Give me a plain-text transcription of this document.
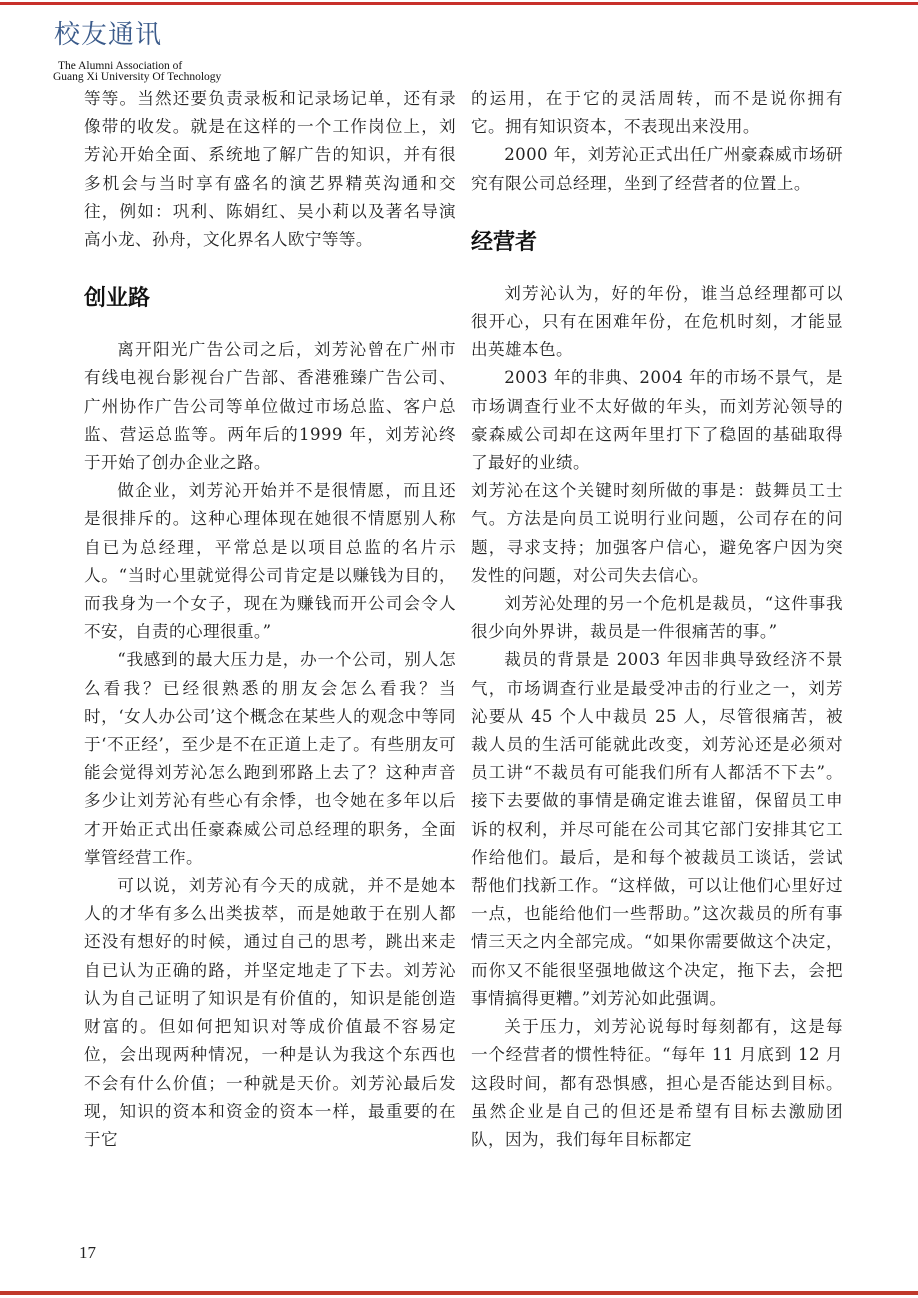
校友通讯
The Alumni Association of
Guang Xi University Of Technology

等等。当然还要负责录板和记录场记单，还有录像带的收发。就是在这样的一个工作岗位上，刘芳沁开始全面、系统地了解广告的知识，并有很多机会与当时享有盛名的演艺界精英沟通和交往，例如：巩利、陈娟红、吴小莉以及著名导演高小龙、孙舟，文化界名人欧宁等等。

创业路

离开阳光广告公司之后，刘芳沁曾在广州市有线电视台影视台广告部、香港雅臻广告公司、广州协作广告公司等单位做过市场总监、客户总监、营运总监等。两年后的1999 年，刘芳沁终于开始了创办企业之路。

做企业，刘芳沁开始并不是很情愿，而且还是很排斥的。这种心理体现在她很不情愿别人称自已为总经理，平常总是以项目总监的名片示人。“当时心里就觉得公司肯定是以赚钱为目的，而我身为一个女子，现在为赚钱而开公司会令人不安，自责的心理很重。”

“我感到的最大压力是，办一个公司，别人怎么看我？已经很熟悉的朋友会怎么看我？当时，‘女人办公司’这个概念在某些人的观念中等同于‘不正经’，至少是不在正道上走了。有些朋友可能会觉得刘芳沁怎么跑到邪路上去了？这种声音多少让刘芳沁有些心有余悸，也令她在多年以后才开始正式出任豪森威公司总经理的职务，全面掌管经营工作。

可以说，刘芳沁有今天的成就，并不是她本人的才华有多么出类拔萃，而是她敢于在别人都还没有想好的时候，通过自己的思考，跳出来走自已认为正确的路，并坚定地走了下去。刘芳沁认为自己证明了知识是有价值的，知识是能创造财富的。但如何把知识对等成价值最不容易定位，会出现两种情况，一种是认为我这个东西也不会有什么价值；一种就是天价。刘芳沁最后发现，知识的资本和资金的资本一样，最重要的在于它

的运用，在于它的灵活周转，而不是说你拥有它。拥有知识资本，不表现出来没用。

2000 年，刘芳沁正式出任广州豪森威市场研究有限公司总经理，坐到了经营者的位置上。

经营者

刘芳沁认为，好的年份，谁当总经理都可以很开心，只有在困难年份，在危机时刻，才能显出英雄本色。

2003 年的非典、2004 年的市场不景气，是市场调查行业不太好做的年头，而刘芳沁领导的豪森威公司却在这两年里打下了稳固的基础取得了最好的业绩。

刘芳沁在这个关键时刻所做的事是：鼓舞员工士气。方法是向员工说明行业问题，公司存在的问题，寻求支持；加强客户信心，避免客户因为突发性的问题，对公司失去信心。

刘芳沁处理的另一个危机是裁员，“这件事我很少向外界讲，裁员是一件很痛苦的事。”

裁员的背景是 2003 年因非典导致经济不景气，市场调查行业是最受冲击的行业之一，刘芳沁要从 45 个人中裁员 25 人，尽管很痛苦，被裁人员的生活可能就此改变，刘芳沁还是必须对员工讲“不裁员有可能我们所有人都活不下去”。接下去要做的事情是确定谁去谁留，保留员工申诉的权利，并尽可能在公司其它部门安排其它工作给他们。最后，是和每个被裁员工谈话，尝试帮他们找新工作。“这样做，可以让他们心里好过一点，也能给他们一些帮助。”这次裁员的所有事情三天之内全部完成。“如果你需要做这个决定，而你又不能很坚强地做这个决定，拖下去，会把事情搞得更糟。”刘芳沁如此强调。

关于压力，刘芳沁说每时每刻都有，这是每一个经营者的惯性特征。“每年 11 月底到 12 月这段时间，都有恐惧感，担心是否能达到目标。虽然企业是自己的但还是希望有目标去激励团队，因为，我们每年目标都定

17
